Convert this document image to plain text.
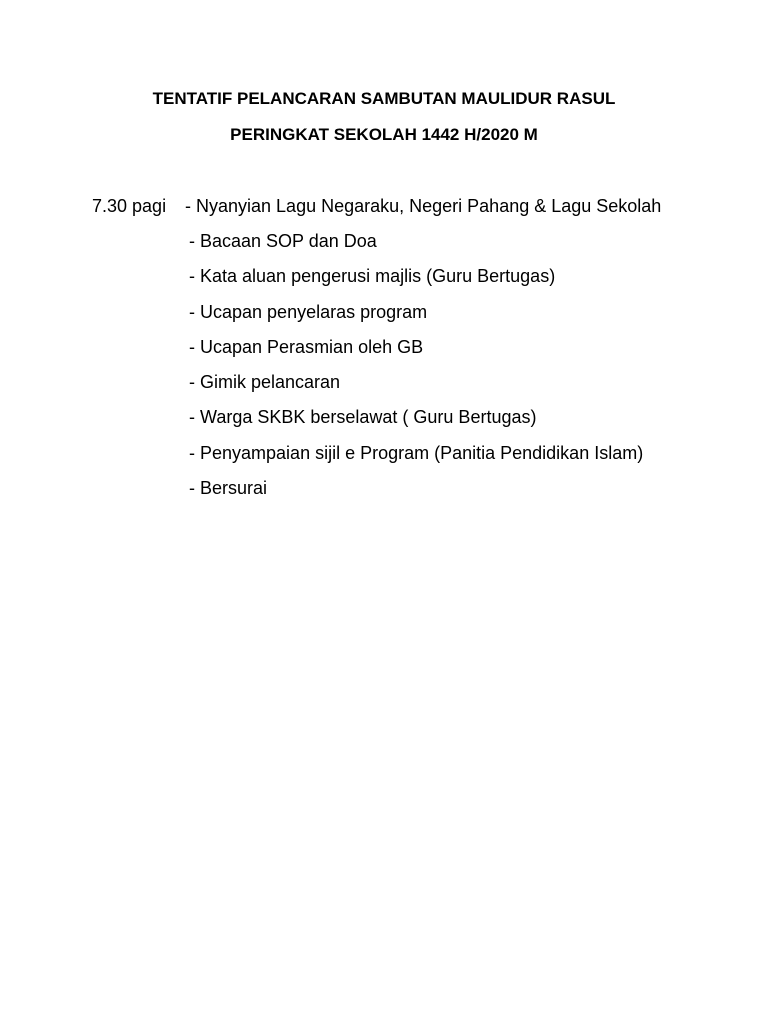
TENTATIF PELANCARAN SAMBUTAN MAULIDUR RASUL
PERINGKAT SEKOLAH 1442 H/2020 M
7.30 pagi - Nyanyian Lagu Negaraku, Negeri Pahang & Lagu Sekolah
- Bacaan SOP dan Doa
- Kata aluan pengerusi majlis (Guru Bertugas)
- Ucapan penyelaras program
- Ucapan Perasmian oleh GB
- Gimik pelancaran
- Warga SKBK berselawat ( Guru Bertugas)
- Penyampaian sijil e Program (Panitia Pendidikan Islam)
- Bersurai
